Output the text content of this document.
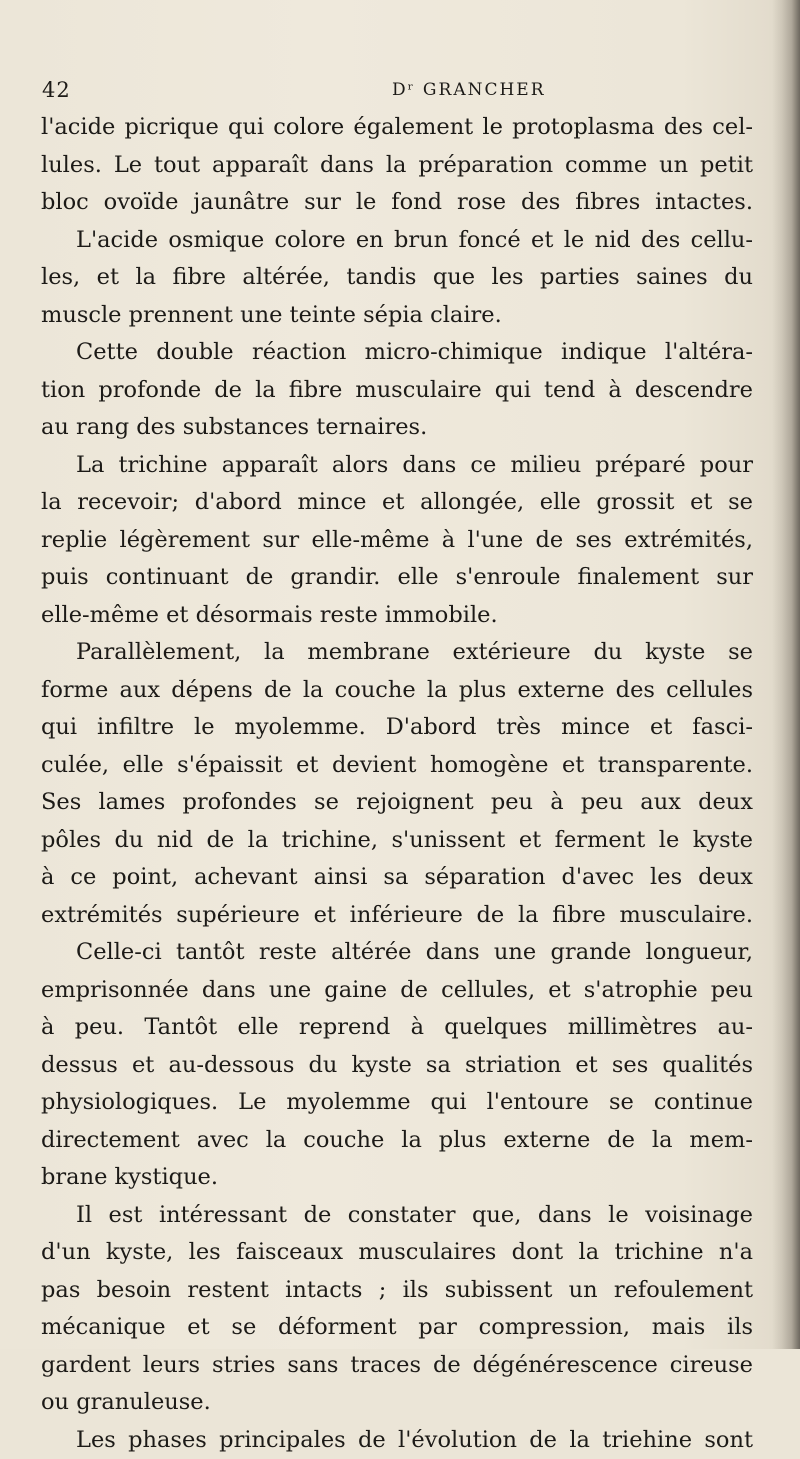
42	Dʳ GRANCHER
l'acide picrique qui colore également le protoplasma des cel-
lules. Le tout apparaît dans la préparation comme un petit
bloc ovoïde jaunâtre sur le fond rose des fibres intactes.
L'acide osmique colore en brun foncé et le nid des cellu-
les, et la fibre altérée, tandis que les parties saines du
muscle prennent une teinte sépia claire.
Cette double réaction micro-chimique indique l'altéra-
tion profonde de la fibre musculaire qui tend à descendre
au rang des substances ternaires.
La trichine apparaît alors dans ce milieu préparé pour
la recevoir; d'abord mince et allongée, elle grossit et se
replie légèrement sur elle-même à l'une de ses extrémités,
puis continuant de grandir. elle s'enroule finalement sur
elle-même et désormais reste immobile.
Parallèlement, la membrane extérieure du kyste se
forme aux dépens de la couche la plus externe des cellules
qui infiltre le myolemme. D'abord très mince et fasci-
culée, elle s'épaissit et devient homogène et transparente.
Ses lames profondes se rejoignent peu à peu aux deux
pôles du nid de la trichine, s'unissent et ferment le kyste
à ce point, achevant ainsi sa séparation d'avec les deux
extrémités supérieure et inférieure de la fibre musculaire.
Celle-ci tantôt reste altérée dans une grande longueur,
emprisonnée dans une gaine de cellules, et s'atrophie peu
à peu. Tantôt elle reprend à quelques millimètres au-
dessus et au-dessous du kyste sa striation et ses qualités
physiologiques. Le myolemme qui l'entoure se continue
directement avec la couche la plus externe de la mem-
brane kystique.
Il est intéressant de constater que, dans le voisinage
d'un kyste, les faisceaux musculaires dont la trichine n'a
pas besoin restent intacts ; ils subissent un refoulement
mécanique et se déforment par compression, mais ils
gardent leurs stries sans traces de dégénérescence cireuse
ou granuleuse.
Les phases principales de l'évolution de la triehine sont
